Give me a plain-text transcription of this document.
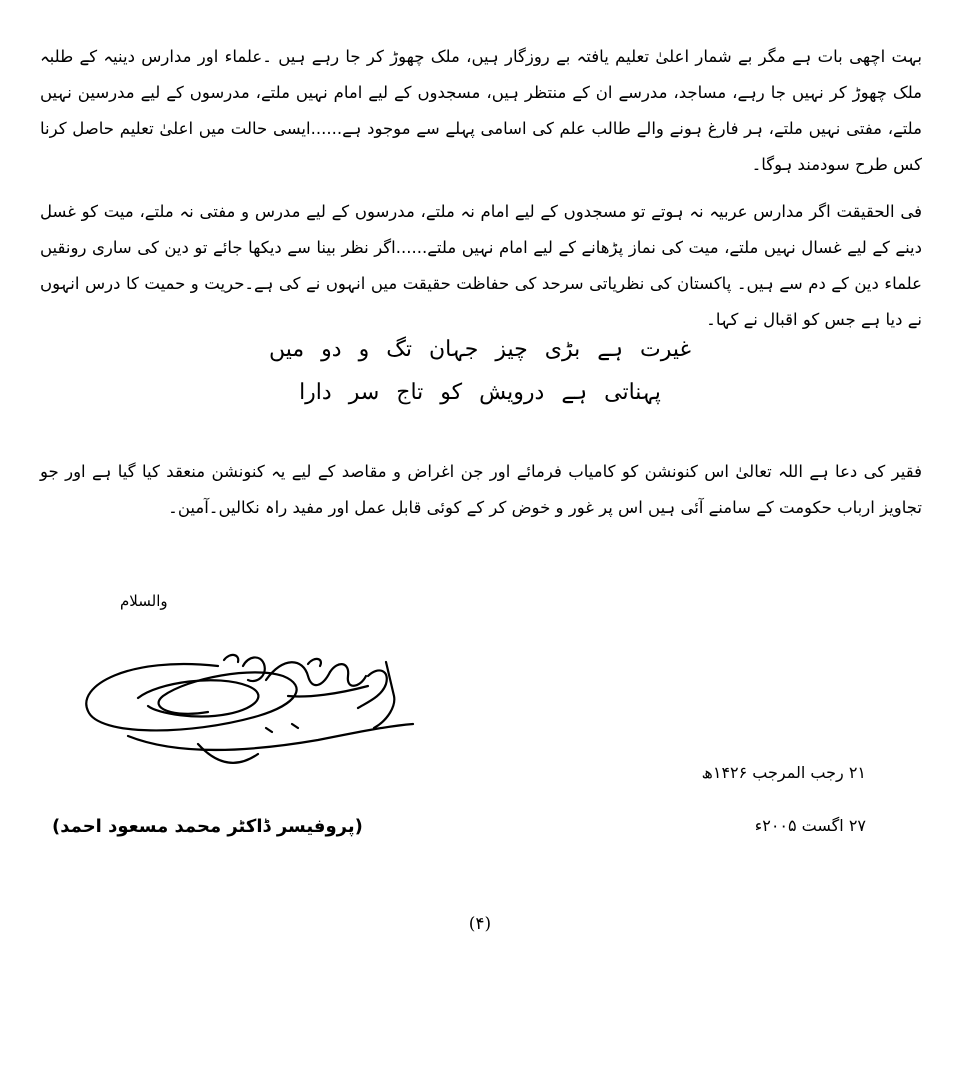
بہت اچھی بات ہے مگر بے شمار اعلیٰ تعلیم یافتہ بے روزگار ہیں، ملک چھوڑ کر جا رہے ہیں ۔علماء اور مدارس دینیہ کے طلبہ ملک چھوڑ کر نہیں جا رہے، مساجد، مدرسے ان کے منتظر ہیں، مسجدوں کے لیے امام نہیں ملتے، مدرسوں کے لیے مدرسین نہیں ملتے، مفتی نہیں ملتے، ہر فارغ ہونے والے طالب علم کی اسامی پہلے سے موجود ہے......ایسی حالت میں اعلیٰ تعلیم حاصل کرنا کس طرح سودمند ہوگا۔

فی الحقیقت اگر مدارس عربیہ نہ ہوتے تو مسجدوں کے لیے امام نہ ملتے، مدرسوں کے لیے مدرس و مفتی نہ ملتے، میت کو غسل دینے کے لیے غسال نہیں ملتے، میت کی نماز پڑھانے کے لیے امام نہیں ملتے......اگر نظر بینا سے دیکھا جائے تو دین کی ساری رونقیں علماء دین کے دم سے ہیں۔ پاکستان کی نظریاتی سرحد کی حفاظت حقیقت میں انہوں نے کی ہے۔حریت و حمیت کا درس انہوں نے دیا ہے جس کو اقبال نے کہا۔

غیرت ہے بڑی چیز جہان تگ و دو میں
پہناتی ہے درویش کو تاج سر دارا

فقیر کی دعا ہے اللہ تعالیٰ اس کنونشن کو کامیاب فرمائے اور جن اغراض و مقاصد کے لیے یہ کنونشن منعقد کیا گیا ہے اور جو تجاویز ارباب حکومت کے سامنے آئی ہیں اس پر غور و خوض کر کے کوئی قابل عمل اور مفید راہ نکالیں۔آمین۔

والسلام
(پروفیسر ڈاکٹر محمد مسعود احمد)
۲۱ رجب المرجب ۱۴۲۶ھ
۲۷ اگست ۲۰۰۵ء
(۴)
